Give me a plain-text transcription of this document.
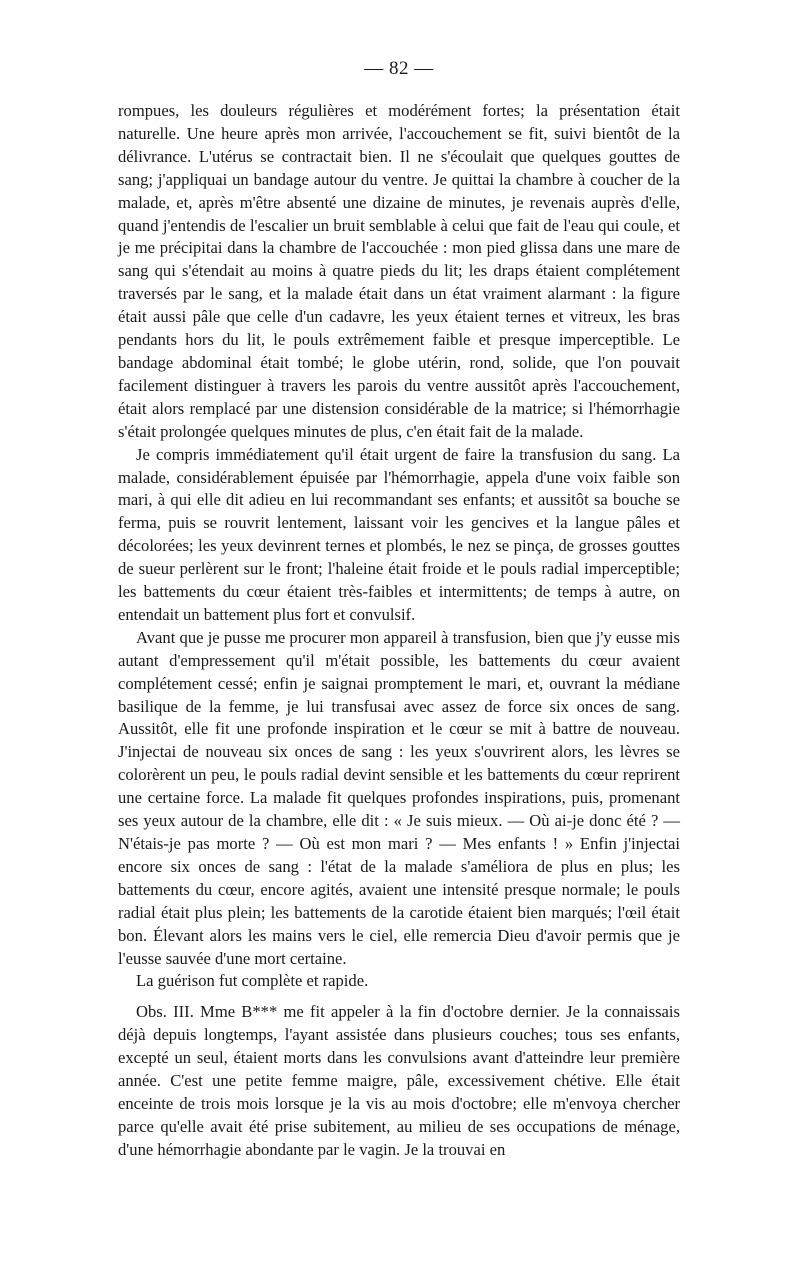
— 82 —

rompues, les douleurs régulières et modérément fortes; la présentation était naturelle. Une heure après mon arrivée, l'accouchement se fit, suivi bientôt de la délivrance. L'utérus se contractait bien. Il ne s'écoulait que quelques gouttes de sang; j'appliquai un bandage autour du ventre. Je quittai la chambre à coucher de la malade, et, après m'être absenté une dizaine de minutes, je revenais auprès d'elle, quand j'entendis de l'escalier un bruit semblable à celui que fait de l'eau qui coule, et je me précipitai dans la chambre de l'accouchée : mon pied glissa dans une mare de sang qui s'étendait au moins à quatre pieds du lit; les draps étaient complétement traversés par le sang, et la malade était dans un état vraiment alarmant : la figure était aussi pâle que celle d'un cadavre, les yeux étaient ternes et vitreux, les bras pendants hors du lit, le pouls extrêmement faible et presque imperceptible. Le bandage abdominal était tombé; le globe utérin, rond, solide, que l'on pouvait facilement distinguer à travers les parois du ventre aussitôt après l'accouchement, était alors remplacé par une distension considérable de la matrice; si l'hémorrhagie s'était prolongée quelques minutes de plus, c'en était fait de la malade.

Je compris immédiatement qu'il était urgent de faire la transfusion du sang. La malade, considérablement épuisée par l'hémorrhagie, appela d'une voix faible son mari, à qui elle dit adieu en lui recommandant ses enfants; et aussitôt sa bouche se ferma, puis se rouvrit lentement, laissant voir les gencives et la langue pâles et décolorées; les yeux devinrent ternes et plombés, le nez se pinça, de grosses gouttes de sueur perlèrent sur le front; l'haleine était froide et le pouls radial imperceptible; les battements du cœur étaient très-faibles et intermittents; de temps à autre, on entendait un battement plus fort et convulsif.

Avant que je pusse me procurer mon appareil à transfusion, bien que j'y eusse mis autant d'empressement qu'il m'était possible, les battements du cœur avaient complétement cessé; enfin je saignai promptement le mari, et, ouvrant la médiane basilique de la femme, je lui transfusai avec assez de force six onces de sang. Aussitôt, elle fit une profonde inspiration et le cœur se mit à battre de nouveau. J'injectai de nouveau six onces de sang : les yeux s'ouvrirent alors, les lèvres se colorèrent un peu, le pouls radial devint sensible et les battements du cœur reprirent une certaine force. La malade fit quelques profondes inspirations, puis, promenant ses yeux autour de la chambre, elle dit : « Je suis mieux. — Où ai-je donc été ? — N'étais-je pas morte ? — Où est mon mari ? — Mes enfants ! » Enfin j'injectai encore six onces de sang : l'état de la malade s'améliora de plus en plus; les battements du cœur, encore agités, avaient une intensité presque normale; le pouls radial était plus plein; les battements de la carotide étaient bien marqués; l'œil était bon. Élevant alors les mains vers le ciel, elle remercia Dieu d'avoir permis que je l'eusse sauvée d'une mort certaine.

La guérison fut complète et rapide.

Obs. III. Mme B*** me fit appeler à la fin d'octobre dernier. Je la connaissais déjà depuis longtemps, l'ayant assistée dans plusieurs couches; tous ses enfants, excepté un seul, étaient morts dans les convulsions avant d'atteindre leur première année. C'est une petite femme maigre, pâle, excessivement chétive. Elle était enceinte de trois mois lorsque je la vis au mois d'octobre; elle m'envoya chercher parce qu'elle avait été prise subitement, au milieu de ses occupations de ménage, d'une hémorrhagie abondante par le vagin. Je la trouvai en
